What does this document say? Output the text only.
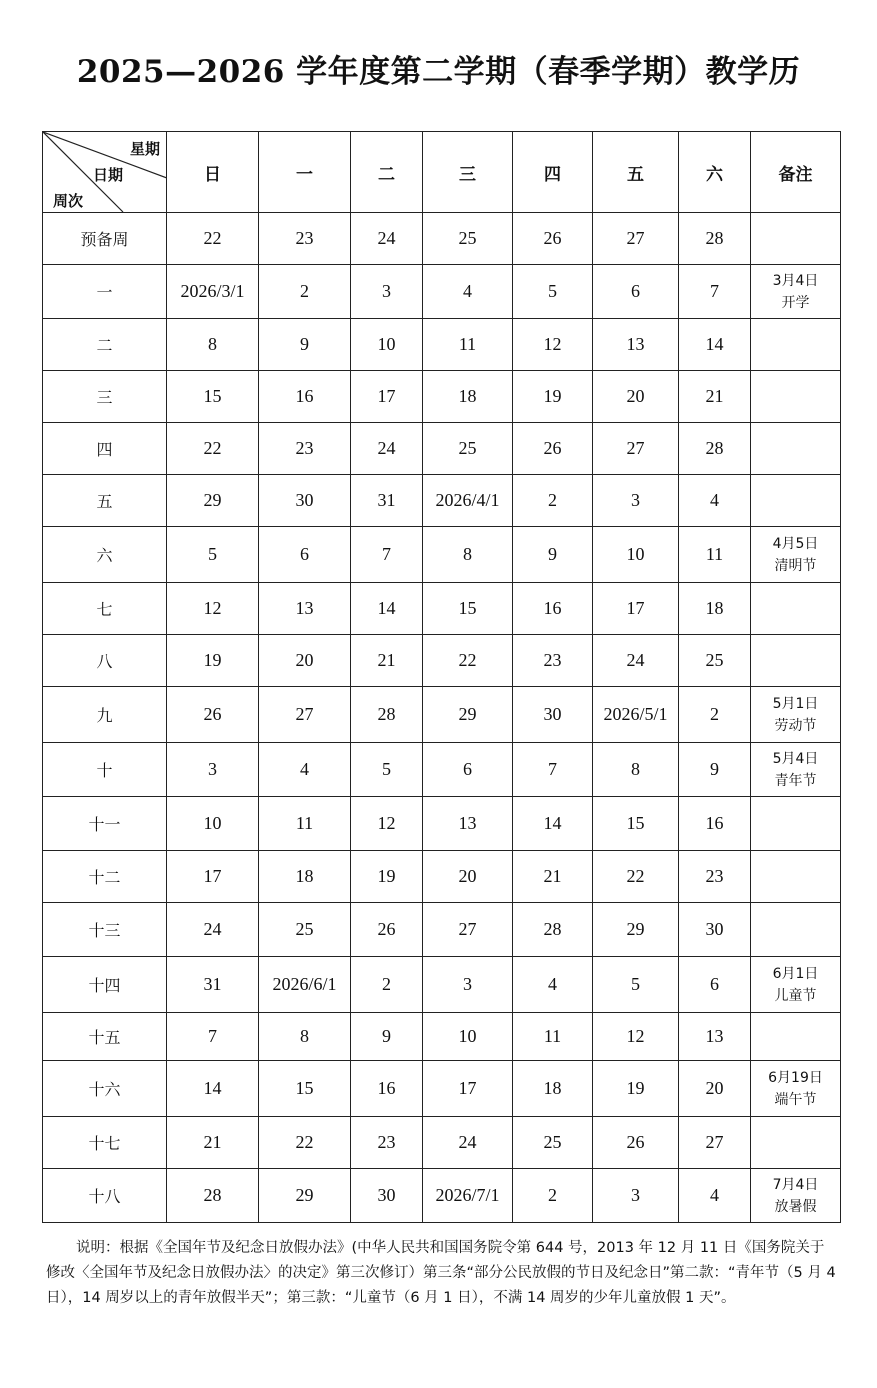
2025—2026 学年度第二学期（春季学期）教学历
星期
日期
周次	日	一	二	三	四	五	六	备注
预备周	22	23	24	25	26	27	28	

一	2026/3/1	2	3	4	5	6	7	3月4日
开学

二	8	9	10	11	12	13	14	

三	15	16	17	18	19	20	21	

四	22	23	24	25	26	27	28	

五	29	30	31	2026/4/1	2	3	4	

六	5	6	7	8	9	10	11	4月5日
清明节

七	12	13	14	15	16	17	18	

八	19	20	21	22	23	24	25	

九	26	27	28	29	30	2026/5/1	2	5月1日
劳动节

十	3	4	5	6	7	8	9	5月4日
青年节

十一	10	11	12	13	14	15	16	

十二	17	18	19	20	21	22	23	

十三	24	25	26	27	28	29	30	

十四	31	2026/6/1	2	3	4	5	6	6月1日
儿童节

十五	7	8	9	10	11	12	13	

十六	14	15	16	17	18	19	20	6月19日
端午节

十七	21	22	23	24	25	26	27	

十八	28	29	30	2026/7/1	2	3	4	7月4日
放暑假
说明：根据《全国年节及纪念日放假办法》(中华人民共和国国务院令第 644 号，2013 年 12 月 11 日《国务院关于修改〈全国年节及纪念日放假办法〉的决定》第三次修订）第三条“部分公民放假的节日及纪念日”第二款：“青年节（5 月 4 日），14 周岁以上的青年放假半天”；第三款：“儿童节（6 月 1 日），不满 14 周岁的少年儿童放假 1 天”。
